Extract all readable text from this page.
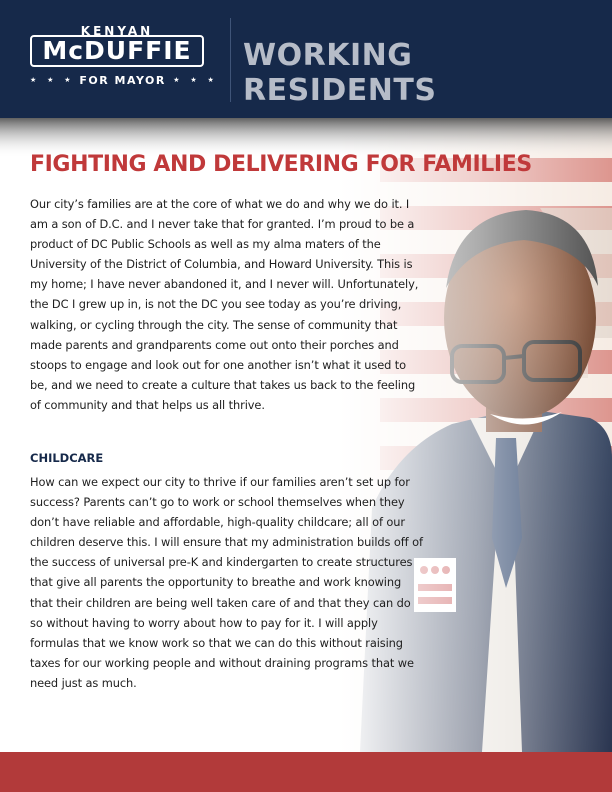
KENYAN
McDUFFIE
★ ★ ★ FOR MAYOR ★ ★ ★
WORKING RESIDENTS
FIGHTING AND DELIVERING FOR FAMILIES
Our city’s families are at the core of what we do and why we do it. I am a son of D.C. and I never take that for granted. I’m proud to be a product of DC Public Schools as well as my alma maters of the University of the District of Columbia, and Howard University. This is my home; I have never abandoned it, and I never will. Unfortunately, the DC I grew up in, is not the DC you see today as you’re driving, walking, or cycling through the city. The sense of community that made parents and grandparents come out onto their porches and stoops to engage and look out for one another isn’t what it used to be, and we need to create a culture that takes us back to the feeling of community and that helps us all thrive.
CHILDCARE
How can we expect our city to thrive if our families aren’t set up for success? Parents can’t go to work or school themselves when they don’t have reliable and affordable, high-quality childcare; all of our children deserve this. I will ensure that my administration builds off of the success of universal pre-K and kindergarten to create structures that give all parents the opportunity to breathe and work knowing that their children are being well taken care of and that they can do so without having to worry about how to pay for it. I will apply formulas that we know work so that we can do this without raising taxes for our working people and without draining programs that we need just as much.
